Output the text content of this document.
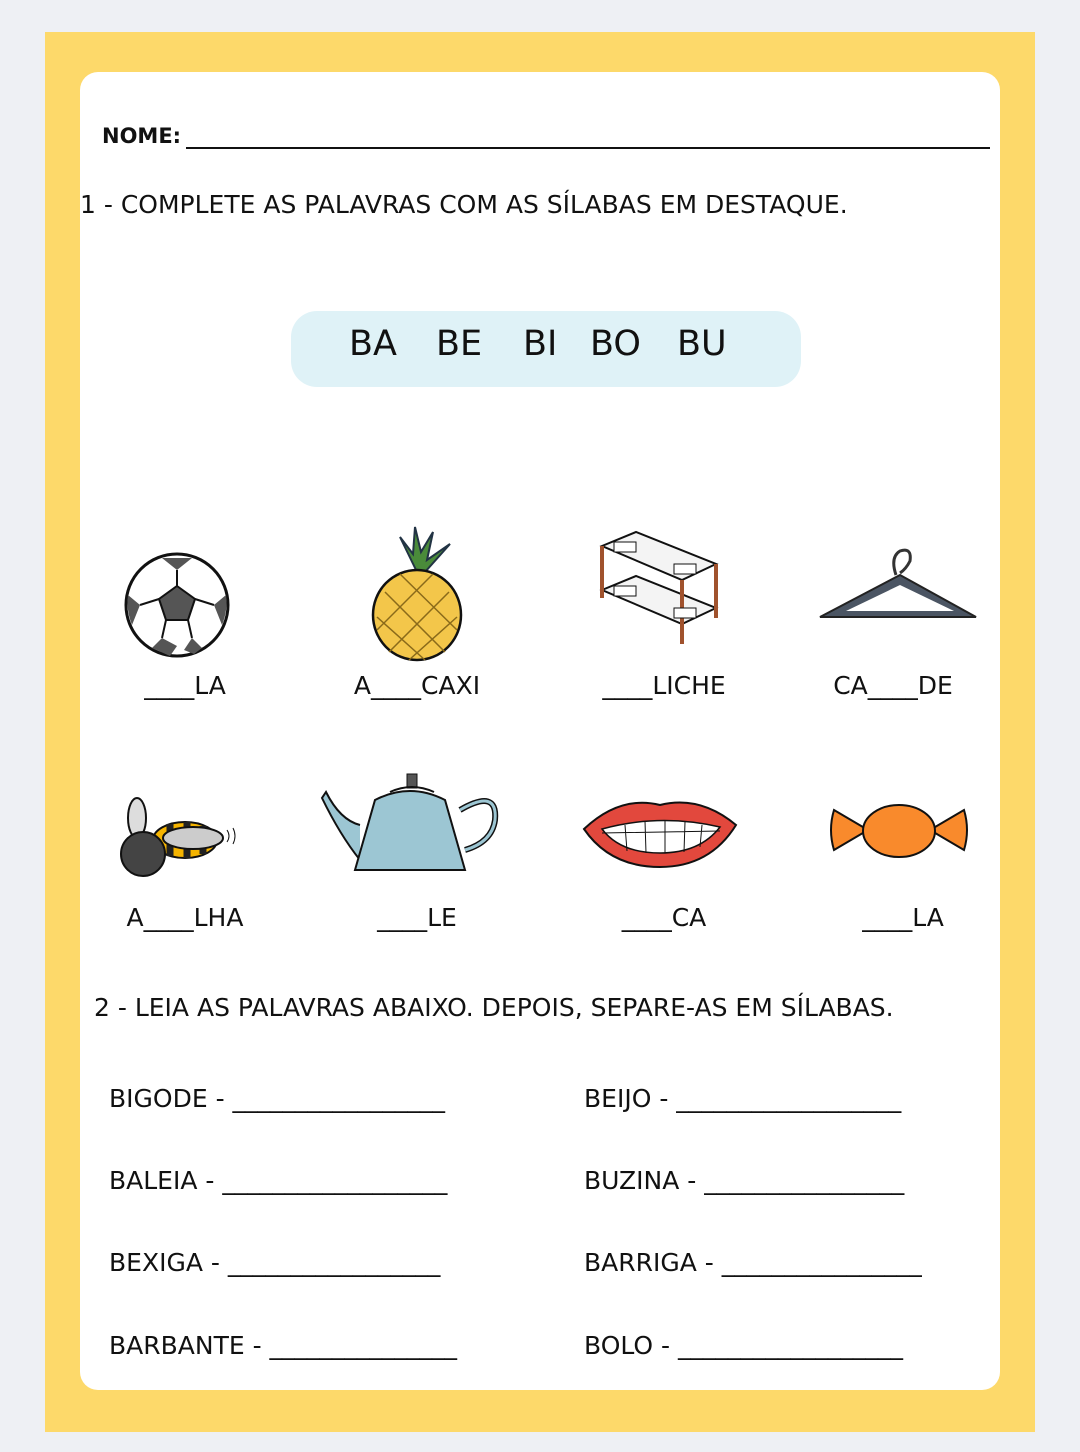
NOME:
1 - COMPLETE AS PALAVRAS COM AS SÍLABAS EM DESTAQUE.
BA BE BI BO BU
____LA	A____CAXI	____LICHE	CA____DE
A____LHA	____LE	____CA	____LA
2 - LEIA AS PALAVRAS ABAIXO. DEPOIS, SEPARE-AS EM SÍLABAS.
BIGODE - _________________	BEIJO - __________________
BALEIA - __________________	BUZINA - ________________
BEXIGA - _________________	BARRIGA - ________________
BARBANTE - _______________	BOLO - __________________
